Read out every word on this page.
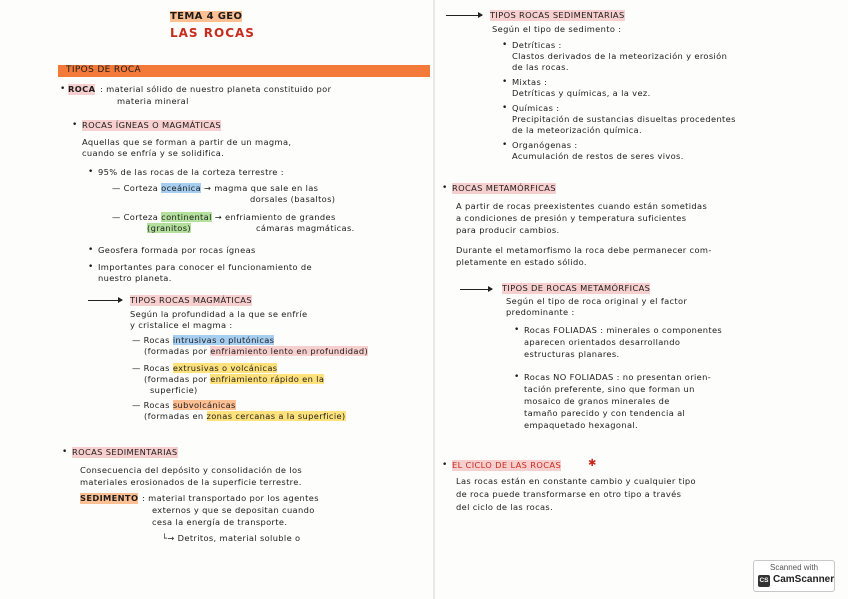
TEMA 4 GEO
LAS ROCAS
TIPOS DE ROCA
• ROCA : material sólido de nuestro planeta constituido por
materia mineral
• ROCAS ÍGNEAS O MAGMÁTICAS
Aquellas que se forman a partir de un magma,
cuando se enfría y se solidifica.
• 95% de las rocas de la corteza terrestre :
— Corteza oceánica → magma que sale en las
dorsales (basaltos)
— Corteza continental → enfriamiento de grandes
(granitos)	cámaras magmáticas.
• Geosfera formada por rocas ígneas
• Importantes para conocer el funcionamiento de
nuestro planeta.
TIPOS ROCAS MAGMÁTICAS
Según la profundidad a la que se enfríe
y cristalice el magma :
— Rocas intrusivas o plutónicas
(formadas por enfriamiento lento en profundidad)
— Rocas extrusivas o volcánicas
(formadas por enfriamiento rápido en la
superficie)
— Rocas subvolcánicas
(formadas en zonas cercanas a la superficie)
• ROCAS SEDIMENTARIAS
Consecuencia del depósito y consolidación de los
materiales erosionados de la superficie terrestre.
SEDIMENTO : material transportado por los agentes
externos y que se depositan cuando
cesa la energía de transporte.
└→ Detritos, material soluble o
TIPOS ROCAS SEDIMENTARIAS
Según el tipo de sedimento :
• Detríticas :
Clastos derivados de la meteorización y erosión
de las rocas.
• Mixtas :
Detríticas y químicas, a la vez.
• Químicas :
Precipitación de sustancias disueltas procedentes
de la meteorización química.
• Organógenas :
Acumulación de restos de seres vivos.
• ROCAS METAMÓRFICAS
A partir de rocas preexistentes cuando están sometidas
a condiciones de presión y temperatura suficientes
para producir cambios.
Durante el metamorfismo la roca debe permanecer com-
pletamente en estado sólido.
TIPOS DE ROCAS METAMÓRFICAS
Según el tipo de roca original y el factor
predominante :
• Rocas FOLIADAS : minerales o componentes
aparecen orientados desarrollando
estructuras planares.
• Rocas NO FOLIADAS : no presentan orien-
tación preferente, sino que forman un
mosaico de granos minerales de
tamaño parecido y con tendencia al
empaquetado hexagonal.
• EL CICLO DE LAS ROCAS	✱
Las rocas están en constante cambio y cualquier tipo
de roca puede transformarse en otro tipo a través
del ciclo de las rocas.
Scanned with
CS CamScanner
